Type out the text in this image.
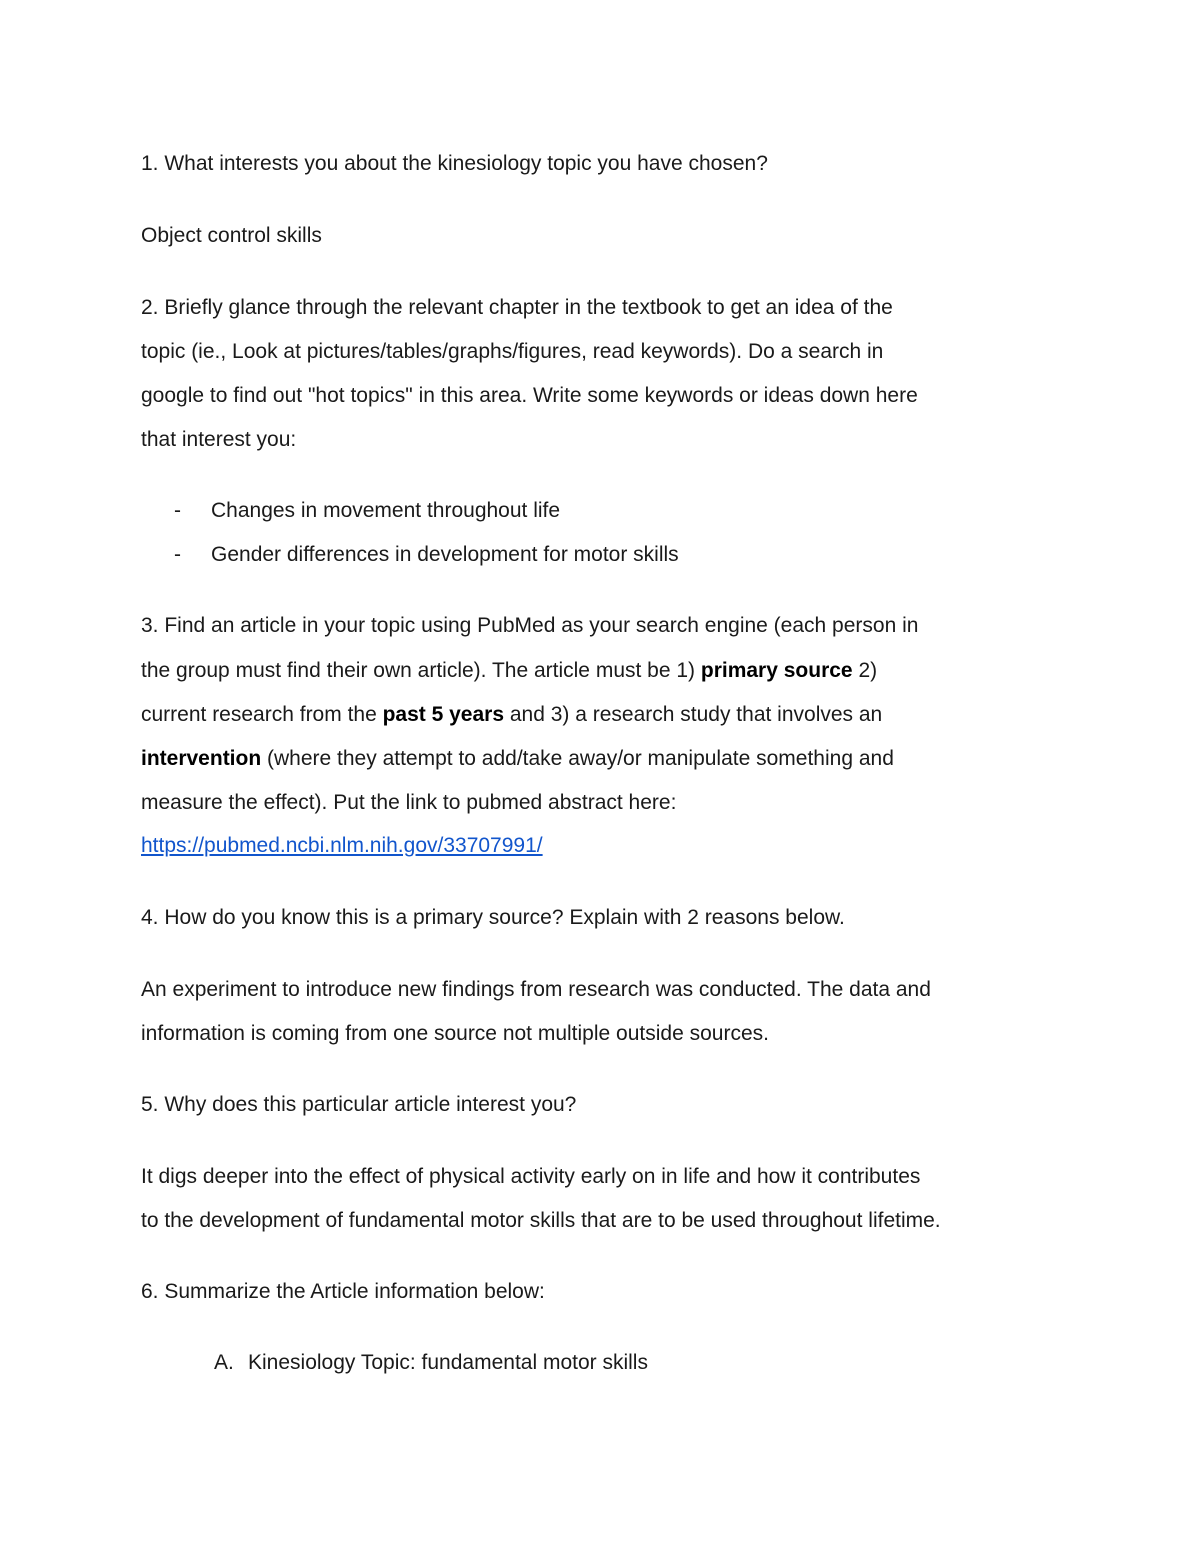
1. What interests you about the kinesiology topic you have chosen?
Object control skills
2. Briefly glance through the relevant chapter in the textbook to get an idea of the
topic (ie., Look at pictures/tables/graphs/figures, read keywords). Do a search in
google to find out "hot topics" in this area. Write some keywords or ideas down here
that interest you:
- Changes in movement throughout life
- Gender differences in development for motor skills
3. Find an article in your topic using PubMed as your search engine (each person in
the group must find their own article). The article must be 1) primary source 2)
current research from the past 5 years and 3) a research study that involves an
intervention (where they attempt to add/take away/or manipulate something and
measure the effect). Put the link to pubmed abstract here:
https://pubmed.ncbi.nlm.nih.gov/33707991/
4. How do you know this is a primary source? Explain with 2 reasons below.
An experiment to introduce new findings from research was conducted. The data and
information is coming from one source not multiple outside sources.
5. Why does this particular article interest you?
It digs deeper into the effect of physical activity early on in life and how it contributes
to the development of fundamental motor skills that are to be used throughout lifetime.
6. Summarize the Article information below:
A. Kinesiology Topic: fundamental motor skills
